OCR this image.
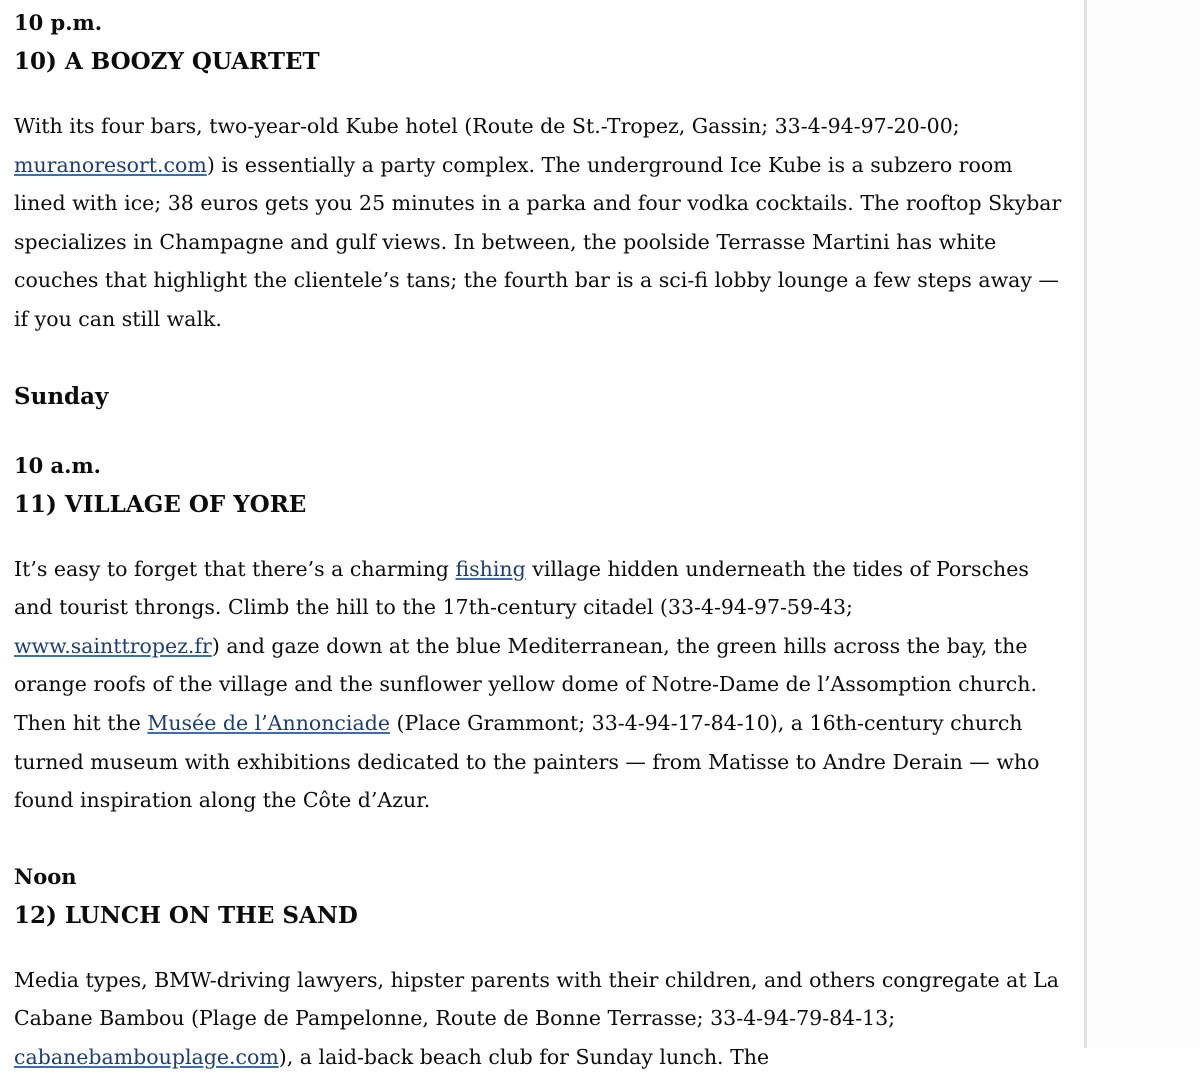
10 p.m.
10) A BOOZY QUARTET

With its four bars, two-year-old Kube hotel (Route de St.-Tropez, Gassin; 33-4-94-97-20-00; muranoresort.com) is essentially a party complex. The underground Ice Kube is a subzero room lined with ice; 38 euros gets you 25 minutes in a parka and four vodka cocktails. The rooftop Skybar specializes in Champagne and gulf views. In between, the poolside Terrasse Martini has white couches that highlight the clientele’s tans; the fourth bar is a sci-fi lobby lounge a few steps away — if you can still walk.

Sunday
10 a.m.
11) VILLAGE OF YORE

It’s easy to forget that there’s a charming fishing village hidden underneath the tides of Porsches and tourist throngs. Climb the hill to the 17th-century citadel (33-4-94-97-59-43; www.sainttropez.fr) and gaze down at the blue Mediterranean, the green hills across the bay, the orange roofs of the village and the sunflower yellow dome of Notre-Dame de l’Assomption church. Then hit the Musée de l’Annonciade (Place Grammont; 33-4-94-17-84-10), a 16th-century church turned museum with exhibitions dedicated to the painters — from Matisse to Andre Derain — who found inspiration along the Côte d’Azur.

Noon
12) LUNCH ON THE SAND

Media types, BMW-driving lawyers, hipster parents with their children, and others congregate at La Cabane Bambou (Plage de Pampelonne, Route de Bonne Terrasse; 33-4-94-79-84-13; cabanebambouplage.com), a laid-back beach club for Sunday lunch. The
